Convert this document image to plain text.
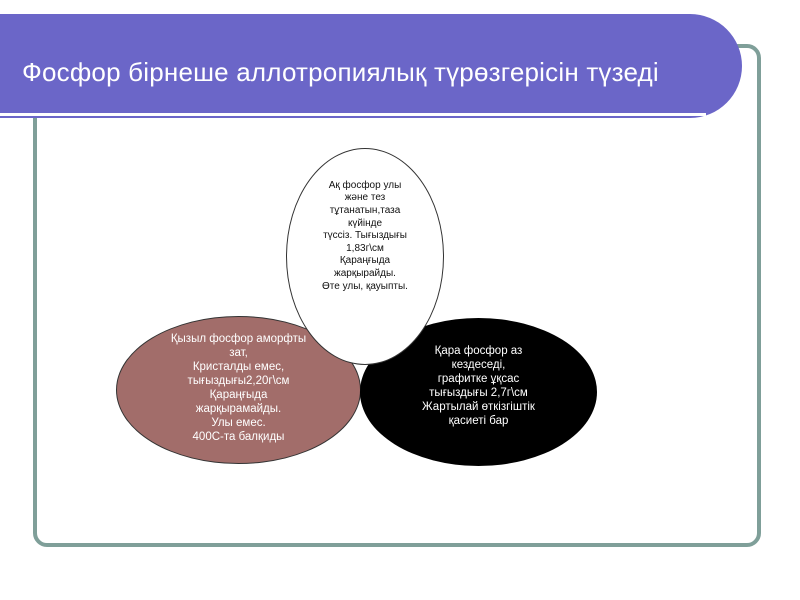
Фосфор бірнеше аллотропиялық түрөзгерісін түзеді
Қызыл фосфор аморфты
зат,
Кристалды емес,
тығыздығы2,20г\см
Қараңғыда
жарқырамайды.
Улы емес.
400С-та балқиды
Қара фосфор аз
кездеседі,
графитке ұқсас
тығыздығы 2,7г\см
Жартылай өткізгіштік
қасиеті бар
Ақ фосфор улы
және тез
тұтанатын,таза
күйінде
түссіз. Тығыздығы
1,83г\см
Қараңғыда
жарқырайды.
Өте улы, қауыпты.
